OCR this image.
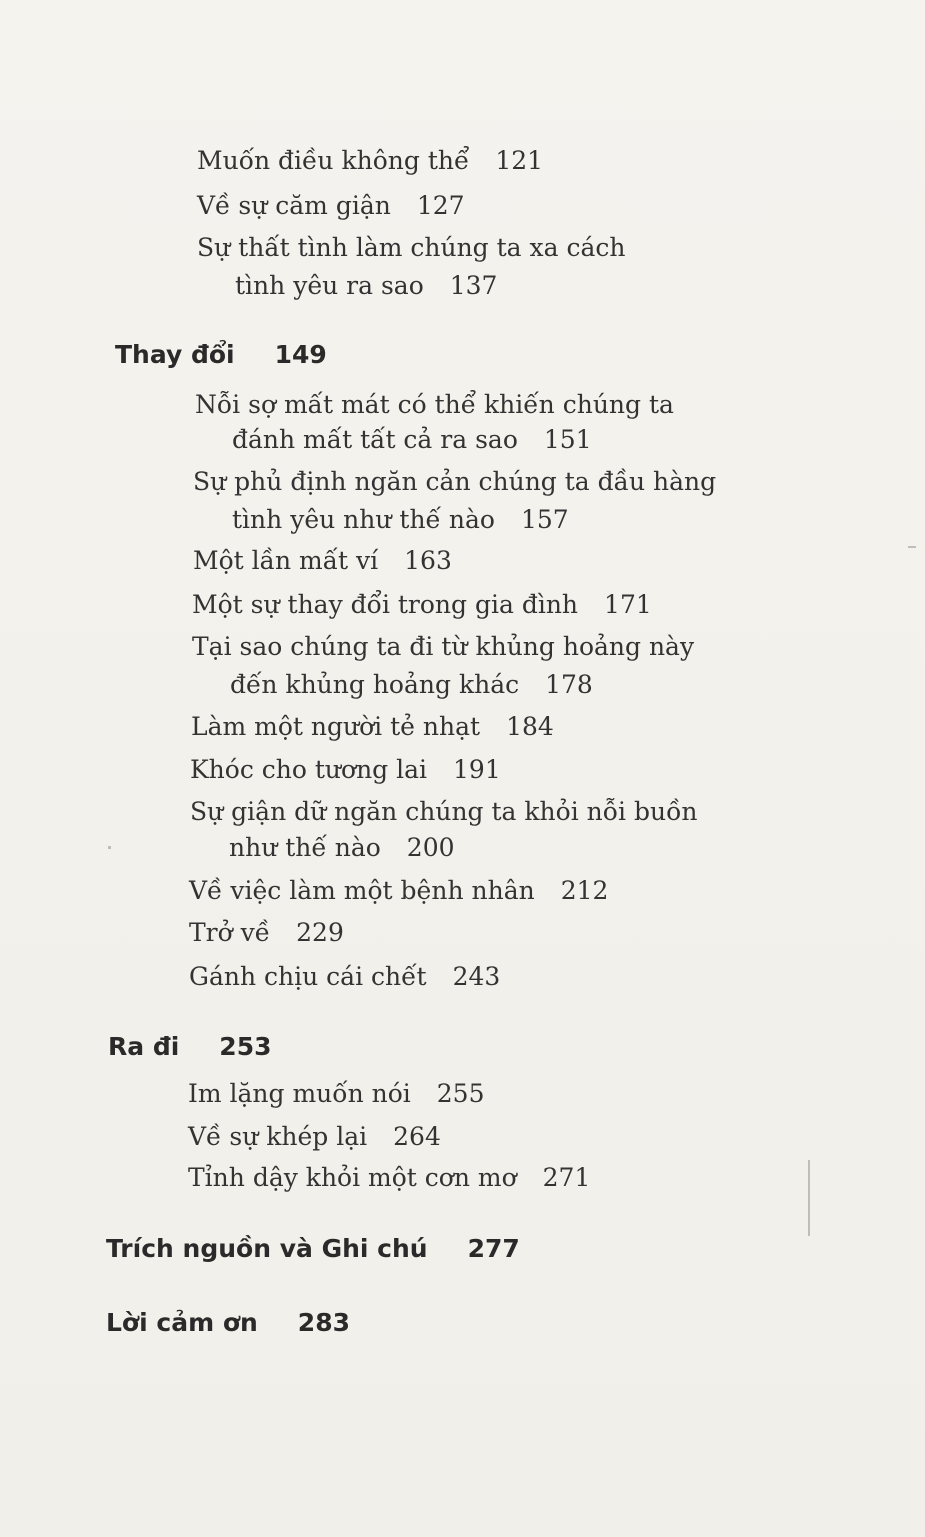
Muốn điều không thể 121
Về sự căm giận 127
Sự thất tình làm chúng ta xa cách
tình yêu ra sao 137
Thay đổi 149
Nỗi sợ mất mát có thể khiến chúng ta
đánh mất tất cả ra sao 151
Sự phủ định ngăn cản chúng ta đầu hàng
tình yêu như thế nào 157
Một lần mất ví 163
Một sự thay đổi trong gia đình 171
Tại sao chúng ta đi từ khủng hoảng này
đến khủng hoảng khác 178
Làm một người tẻ nhạt 184
Khóc cho tương lai 191
Sự giận dữ ngăn chúng ta khỏi nỗi buồn
như thế nào 200
Về việc làm một bệnh nhân 212
Trở về 229
Gánh chịu cái chết 243
Ra đi 253
Im lặng muốn nói 255
Về sự khép lại 264
Tỉnh dậy khỏi một cơn mơ 271
Trích nguồn và Ghi chú 277
Lời cảm ơn 283
